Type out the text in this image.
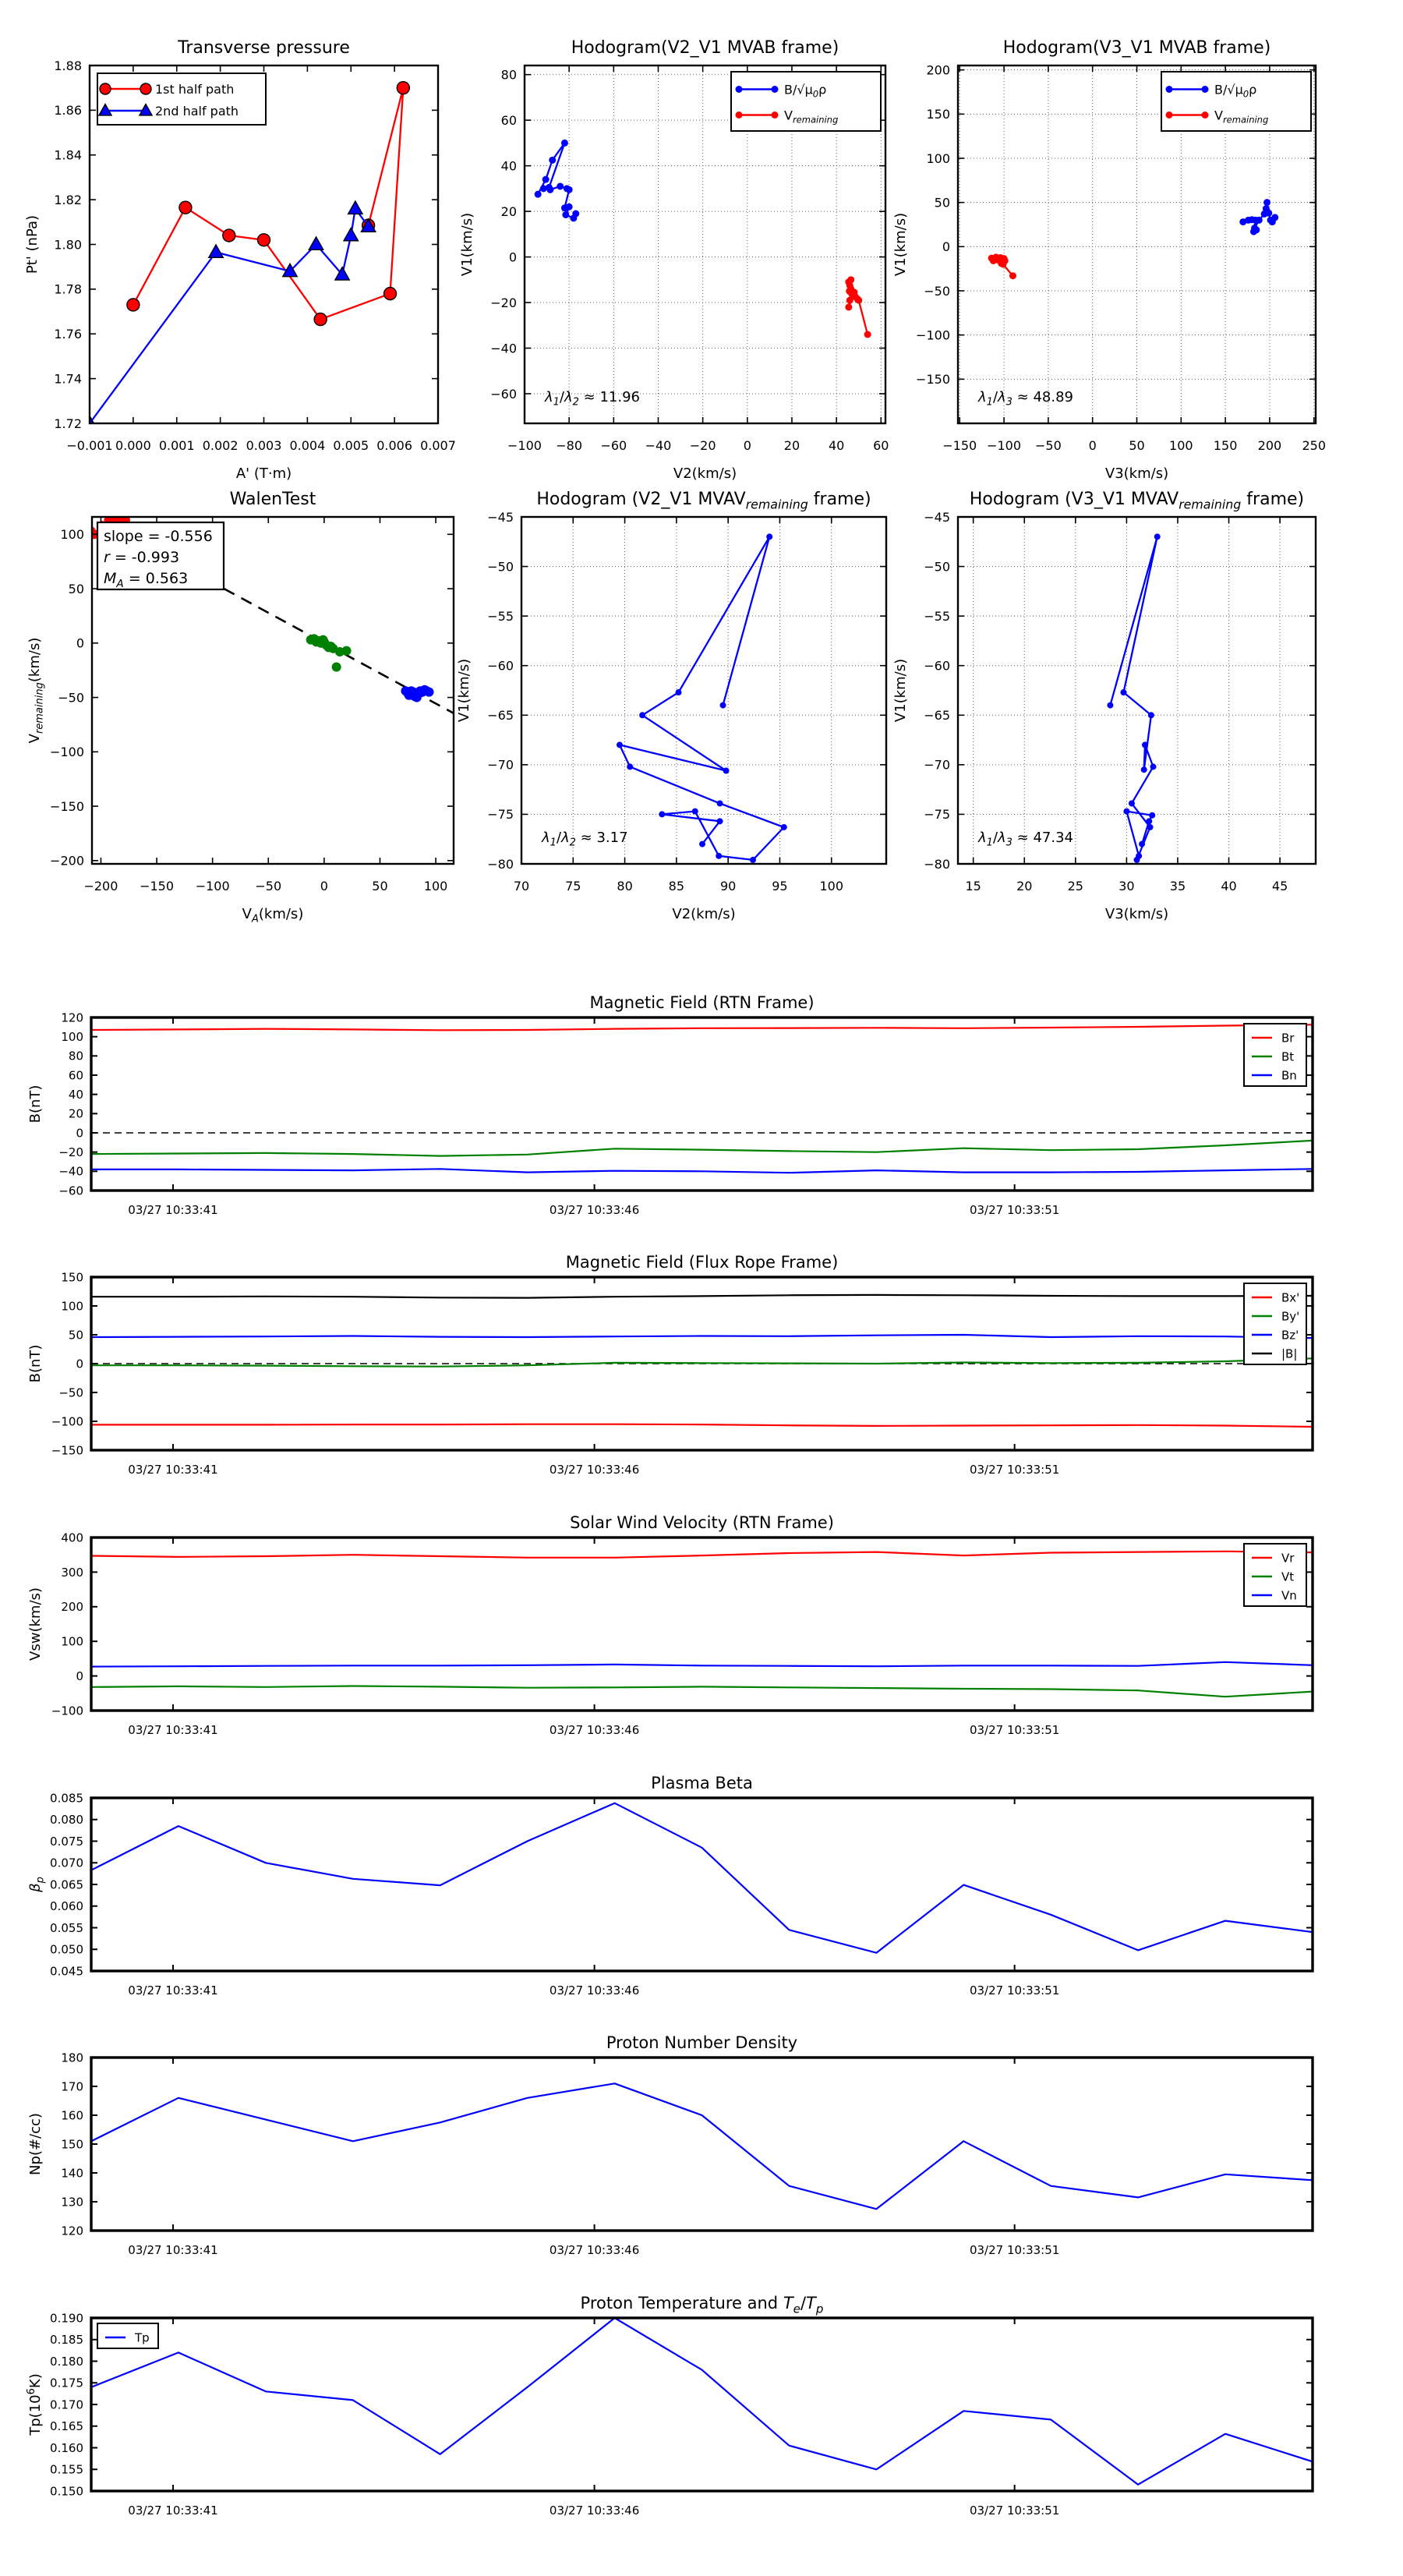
−0.001 0.000 0.001 0.002 0.003 0.004 0.005 0.006 0.007
1.72
1.74
1.76
1.78
1.80
1.82
1.84
1.86
1.88
Transverse pressure
A' (T·m)
Pt' (nPa)
1st half path
2nd half path
−100 −80 −60 −40 −20 0	20 40 60
80
60
40
20
0
−20
−40
−60
Hodogram(V2_V1 MVAB frame)
V2(km/s)
V1(km/s)
$\lambda_1/\lambda_2 \approx 11.96$
$B/√\mu_0\rho$
$V_{remaining}$
−150 −100 −50 0	50 100 150 200 250
200
150
100
50
0
−50
−100
−150
Hodogram(V3_V1 MVAB frame)
V3(km/s)
V1(km/s)
$\lambda_1/\lambda_3 \approx 48.89$
$B/√\mu_0\rho$
$V_{remaining}$
−200 −150 −100 −50	0	50	100
100
50
0
−50
−100
−150
−200
WalenTest
$V_A(km/s)$
$V_{remaining}(km/s)$
slope = -0.556
r = -0.993
$M_A = 0.563$
70	75	80	85	90	95	100
−45
−50
−55
−60
−65
−70
−75
−80
Hodogram (V2_V1 $MVAV_{remaining}$ frame)
V2(km/s)
V1(km/s)
$\lambda_1/\lambda_2 \approx 3.17$
15	20	25	30	35	40	45
−45
−50
−55
−60
−65
−70
−75
−80
Hodogram (V3_V1 $MVAV_{remaining}$ frame)
V3(km/s)
V1(km/s)
$\lambda_1/\lambda_3 \approx 47.34$
03/27 10:33:41	03/27 10:33:46	03/27 10:33:51
−60
−40
−20
0
20
40
60
80
100
120
Magnetic Field (RTN Frame)
B(nT)
Br
Bt
Bn
03/27 10:33:41	03/27 10:33:46	03/27 10:33:51
−150
−100
−50
0
50
100
150
Magnetic Field (Flux Rope Frame)
B(nT)
Bx'
By'
Bz'
|B|
03/27 10:33:41	03/27 10:33:46	03/27 10:33:51
−100
0
100
200
300
400
Solar Wind Velocity (RTN Frame)
Vsw(km/s)
Vr
Vt
Vn
03/27 10:33:41	03/27 10:33:46	03/27 10:33:51
0.045
0.050
0.055
0.060
0.065
0.070
0.075
0.080
0.085
Plasma Beta
$\beta_p$
03/27 10:33:41	03/27 10:33:46	03/27 10:33:51
120
130
140
150
160
170
180
Proton Number Density
Np(#/cc)
03/27 10:33:41	03/27 10:33:46	03/27 10:33:51
0.150
0.155
0.160
0.165
0.170
0.175
0.180
0.185
0.190
Proton Temperature and $T_e/T_p$
$Tp(10^6K)$
Tp
